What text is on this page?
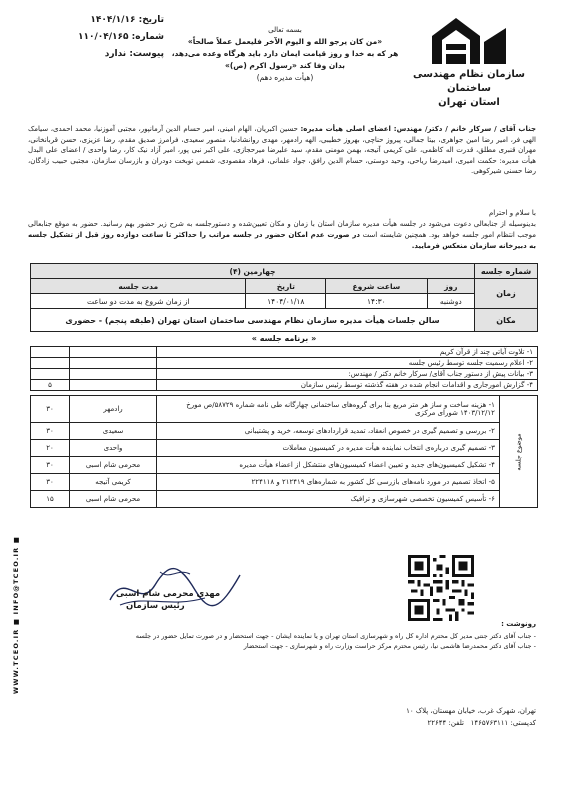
سازمان نظام مهندسی ساختمان
استان تهران
بسمه تعالی
«من کان یرجو الله و الیوم الآخر فلیعمل عملاً صالحاً»
هر که به خدا و روز قیامت ایمان دارد باید هرگاه وعده می‌دهد،
بدان وفا کند «رسول اکرم (ص)»
(هیأت مدیره دهم)
تاریخ: ۱۴۰۴/۱/۱۶
شماره: ۱۱۰/۰۴/۱۶۵
پیوست: ندارد
جناب آقای / سرکار خانم / دکتر/ مهندس: اعضای اصلی هیأت مدیره: حسین اکبریان، الهام امینی، امیر حسام الدین آرمانپور، مجتبی آموزنیا، محمد احمدی، سیامک الهی فر، امیر رضا امین جواهری، بیتا جمالی، پیروز حناچی، بهروز خطیبی، الهه رادمهر، مهدی روانشادنیا، منصور سعیدی، فرامرز صدیق مقدم، رضا عزیزی، حسن قربانخانی، مهران قنبری مطلق، قدرت اله کاظمی، علی کریمی آتیجه، بهمن مومنی مقدم، سید علیرضا میرحجازی، علی اکبر نبی پور، امیر آزاد نیک کار، رضا واحدی / اعضای علی البدل هیأت مدیره: حکمت امیری، امیدرضا ریاحی، وحید دوستی، حسام الدین رافق، جواد علمانی، فرهاد مقصودی، شمس توبخت دودران و بازرسان سازمان، مجتبی حبیب زادگان، رضا حسنی شیرکوهی.
با سلام و احترام
بدینوسیله از جنابعالی دعوت می‌شود در جلسه هیأت مدیره سازمان استان با زمان و مکان تعیین‌شده و دستورجلسه به شرح زیر حضور بهم رسانید. حضور به موقع جنابعالی موجب انتظام امور جلسه خواهد بود. همچنین شایسته است در صورت عدم امکان حضور در جلسه مراتب را حداکثر تا ساعت دوازده روز قبل از تشکیل جلسه به دبیرخانه سازمان منعکس فرمایید.
شماره جلسه	چهارمین (۴)			
زمان	روز	ساعت شروع	تاریخ	مدت جلسه
	دوشنبه	۱۴:۳۰	۱۴۰۴/۰۱/۱۸	از زمان شروع به مدت دو ساعت
مکان	سالن جلسات هیأت مدیره سازمان نظام مهندسی ساختمان استان تهران (طبقه پنجم) - حضوری			
« برنامه جلسه »
۱- تلاوت آیاتی چند از قرآن کریم			
۲- اعلام رسمیت جلسه توسط رئیس جلسه			
۳- بیانات پیش از دستور جناب آقای/ سرکار خانم دکتر / مهندس:			
۴- گزارش امورجاری و اقدامات انجام شده در هفته گذشته توسط رئیس سازمان			۵

موضوع جلسه	۱- هزینه ساخت و ساز هر متر مربع بنا برای گروه‌های ساختمانی چهارگانه طی نامه شماره ۵۸۷۲۹/ص مورخ ۱۴۰۳/۱۲/۱۲ شورای مرکزی	رادمهر	۳۰
	۲- بررسی و تصمیم گیری در خصوص انعقاد، تمدید قراردادهای توسعه، خرید و پشتیبانی	سعیدی	۳۰
	۳- تصمیم گیری درباره‌ی انتخاب نماینده هیأت مدیره در کمیسیون معاملات	واحدی	۲۰
	۴- تشکیل کمیسیون‌های جدید و تعیین اعضاء کمیسیون‌های منتشکل از اعضاء هیأت مدیره	محرمی شام اسبی	۳۰
	۵- اتخاذ تصمیم در مورد نامه‌های بازرسی کل کشور به شماره‌های ۲۱۲۴۱۹ و ۲۲۴۱۱۸	کریمی آتیجه	۳۰
	۶- تأسیس کمیسیون تخصصی شهرسازی و ترافیک	محرمی شام اسبی	۱۵
WWW.TCEO.IR ■ INFO@TCEO.IR ■	مهدی محرمی شام اسبی
رئیس سازمان
رونوشت :
- جناب آقای دکتر جنتی مدیر کل محترم اداره کل راه و شهرسازی استان تهران و یا نماینده ایشان - جهت استحضار و در صورت تمایل حضور در جلسه
- جناب آقای دکتر محمدرضا هاشمی نیا، رئیس محترم مرکز حراست وزارت راه و شهرسازی - جهت استحضار
تهران، شهرک غرب، خیابان مهستان، پلاک ۱۰
کدپستی: ۱۴۶۵۷۶۳۱۱۱   تلفن: ۲۲۶۴۴
